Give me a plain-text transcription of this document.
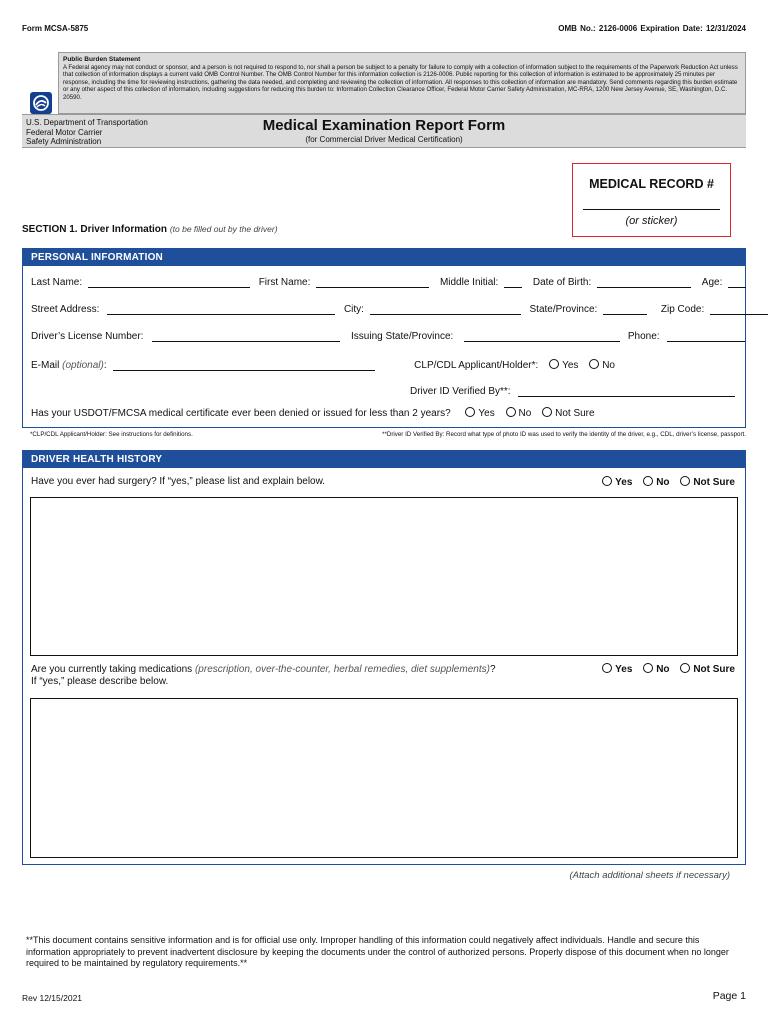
Form MCSA-5875	OMB No.: 2126-0006 Expiration Date: 12/31/2024
Public Burden Statement
A Federal agency may not conduct or sponsor, and a person is not required to respond to, nor shall a person be subject to a penalty for failure to comply with a collection of information subject to the requirements of the Paperwork Reduction Act unless that collection of information displays a current valid OMB Control Number. The OMB Control Number for this information collection is 2126-0006. Public reporting for this collection of information is estimated to be approximately 25 minutes per response, including the time for reviewing instructions, gathering the data needed, and completing and reviewing the collection of information. All responses to this collection of information are mandatory. Send comments regarding this burden estimate or any other aspect of this collection of information, including suggestions for reducing this burden to: Information Collection Clearance Officer, Federal Motor Carrier Safety Administration, MC-RRA, 1200 New Jersey Avenue, SE, Washington, D.C. 20590.
U.S. Department of Transportation
Federal Motor Carrier
Safety Administration
Medical Examination Report Form
(for Commercial Driver Medical Certification)
MEDICAL RECORD #
(or sticker)
SECTION 1. Driver Information (to be filled out by the driver)
PERSONAL INFORMATION
Last Name:	First Name:	Middle Initial:	Date of Birth:	Age:
Street Address:	City:	State/Province:	Zip Code:
Driver’s License Number:	Issuing State/Province:	Phone:
E-Mail (optional):	CLP/CDL Applicant/Holder*: Yes No
Driver ID Verified By**:
Has your USDOT/FMCSA medical certificate ever been denied or issued for less than 2 years?	Yes No Not Sure
*CLP/CDL Applicant/Holder: See instructions for definitions.	**Driver ID Verified By: Record what type of photo ID was used to verify the identity of the driver, e.g., CDL, driver’s license, passport.
DRIVER HEALTH HISTORY
Have you ever had surgery? If “yes,” please list and explain below.	Yes No Not Sure
Are you currently taking medications (prescription, over-the-counter, herbal remedies, diet supplements)?
If “yes,” please describe below.
Yes No Not Sure
(Attach additional sheets if necessary)
**This document contains sensitive information and is for official use only. Improper handling of this information could negatively affect individuals. Handle and secure this information appropriately to prevent inadvertent disclosure by keeping the documents under the control of authorized persons. Properly dispose of this document when no longer required to be maintained by regulatory requirements.**
Rev 12/15/2021	Page 1
